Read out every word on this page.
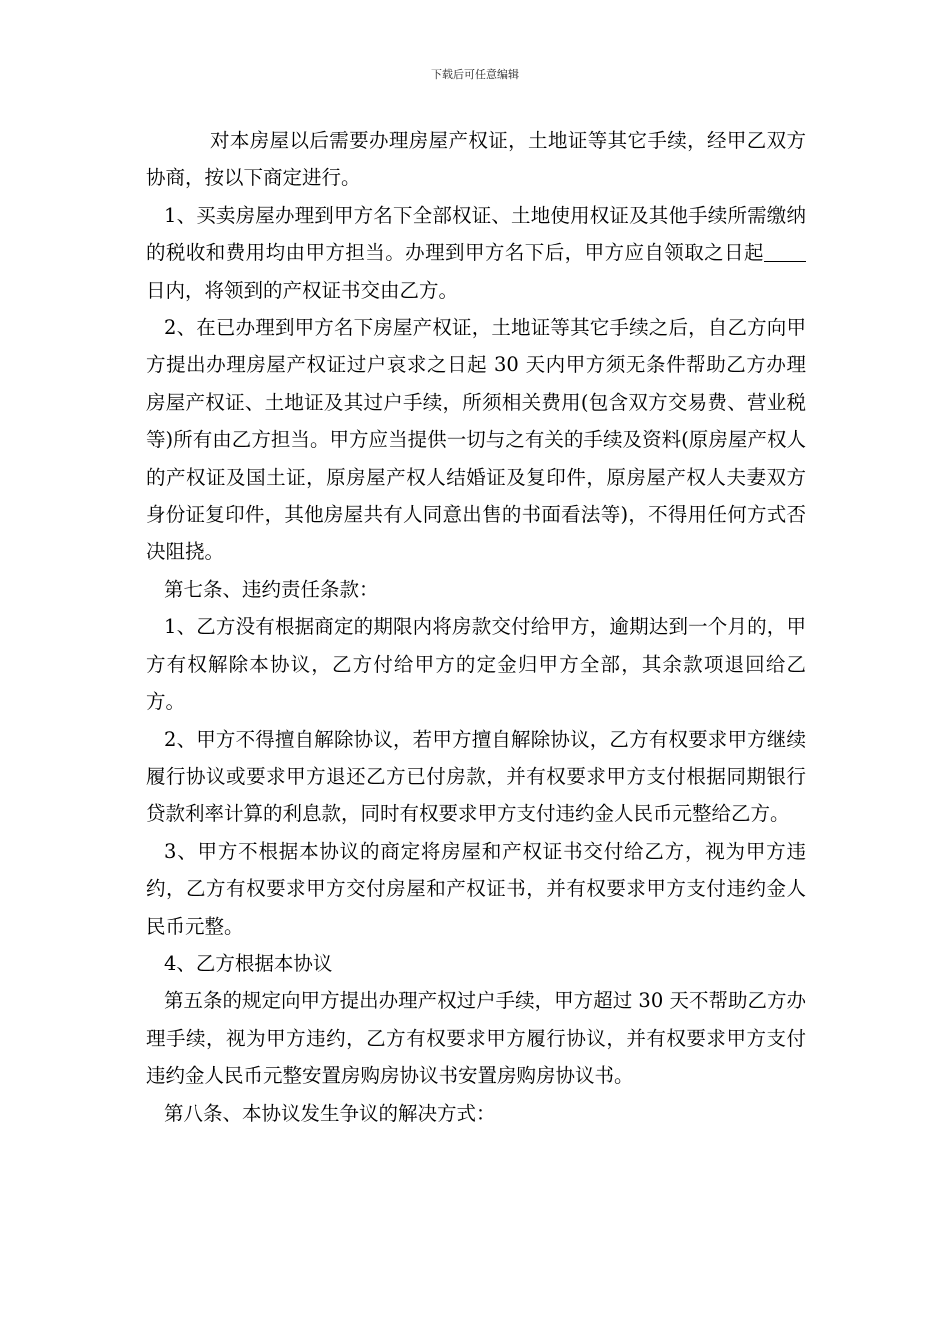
下载后可任意编辑

对本房屋以后需要办理房屋产权证，土地证等其它手续，经甲乙双方协商，按以下商定进行。

1、买卖房屋办理到甲方名下全部权证、土地使用权证及其他手续所需缴纳的税收和费用均由甲方担当。办理到甲方名下后，甲方应自领取之日起日内，将领到的产权证书交由乙方。

2、在已办理到甲方名下房屋产权证，土地证等其它手续之后，自乙方向甲方提出办理房屋产权证过户哀求之日起 30 天内甲方须无条件帮助乙方办理房屋产权证、土地证及其过户手续，所须相关费用(包含双方交易费、营业税等)所有由乙方担当。甲方应当提供一切与之有关的手续及资料(原房屋产权人的产权证及国土证，原房屋产权人结婚证及复印件，原房屋产权人夫妻双方身份证复印件，其他房屋共有人同意出售的书面看法等)，不得用任何方式否决阻挠。

第七条、违约责任条款：

1、乙方没有根据商定的期限内将房款交付给甲方，逾期达到一个月的，甲方有权解除本协议，乙方付给甲方的定金归甲方全部，其余款项退回给乙方。

2、甲方不得擅自解除协议，若甲方擅自解除协议，乙方有权要求甲方继续履行协议或要求甲方退还乙方已付房款，并有权要求甲方支付根据同期银行贷款利率计算的利息款，同时有权要求甲方支付违约金人民币元整给乙方。

3、甲方不根据本协议的商定将房屋和产权证书交付给乙方，视为甲方违约，乙方有权要求甲方交付房屋和产权证书，并有权要求甲方支付违约金人民币元整。

4、乙方根据本协议

第五条的规定向甲方提出办理产权过户手续，甲方超过 30 天不帮助乙方办理手续，视为甲方违约，乙方有权要求甲方履行协议，并有权要求甲方支付违约金人民币元整安置房购房协议书安置房购房协议书。

第八条、本协议发生争议的解决方式：
